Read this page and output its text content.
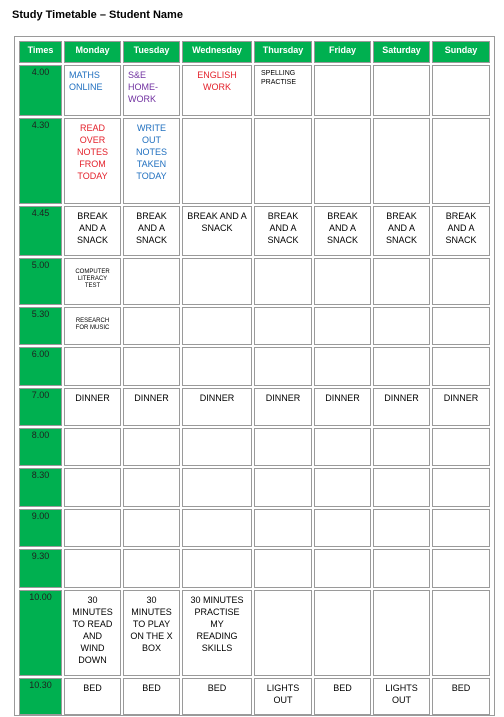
Study Timetable – Student Name
Times	Monday	Tuesday	Wednesday	Thursday	Friday	Saturday	Sunday
4.00	MATHS ONLINE	S&E HOME-WORK	ENGLISH WORK	SPELLING PRACTISE			
4.30	READ OVER NOTES FROM TODAY	WRITE OUT NOTES TAKEN TODAY					
4.45	BREAK AND A SNACK	BREAK AND A SNACK	BREAK AND A SNACK	BREAK AND A SNACK	BREAK AND A SNACK	BREAK AND A SNACK	BREAK AND A SNACK
5.00	COMPUTER LITERACY TEST						
5.30	RESEARCH FOR MUSIC						
6.00							
7.00	DINNER	DINNER	DINNER	DINNER	DINNER	DINNER	DINNER
8.00							
8.30							
9.00							
9.30							
10.00	30 MINUTES TO READ AND WIND DOWN	30 MINUTES TO PLAY ON THE X BOX	30 MINUTES PRACTISE MY READING SKILLS				
10.30	BED	BED	BED	LIGHTS OUT	BED	LIGHTS OUT	BED
